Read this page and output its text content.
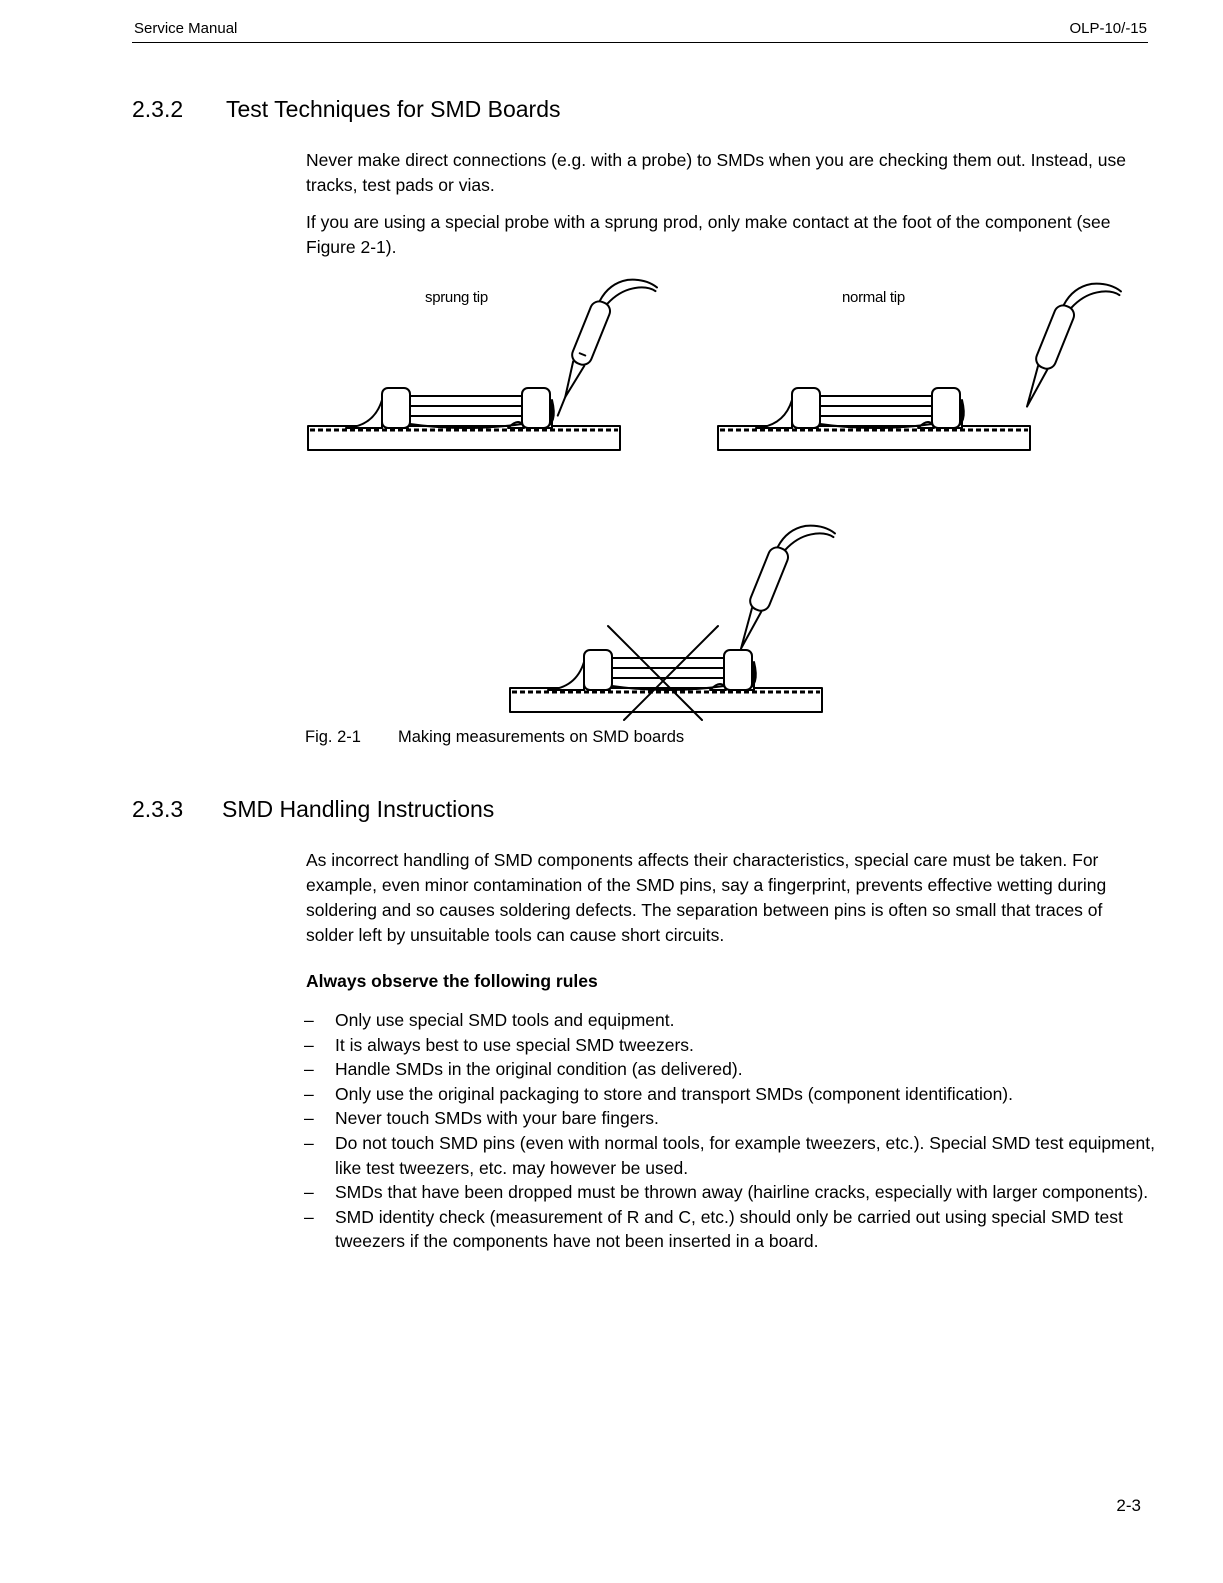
Service Manual	OLP-10/-15
2.3.2 Test Techniques for SMD Boards

Never make direct connections (e.g. with a probe) to SMDs when you are checking them out. Instead, use tracks, test pads or vias.

If you are using a special probe with a sprung prod, only make contact at the foot of the component (see Figure 2-1).

sprung tip	normal tip
Fig. 2-1 Making measurements on SMD boards
2.3.3 SMD Handling Instructions

As incorrect handling of SMD components affects their characteristics, special care must be taken. For example, even minor contamination of the SMD pins, say a fingerprint, prevents effective wetting during soldering and so causes soldering defects. The separation between pins is often so small that traces of solder left by unsuitable tools can cause short circuits.

Always observe the following rules
– Only use special SMD tools and equipment.
– It is always best to use special SMD tweezers.
– Handle SMDs in the original condition (as delivered).
– Only use the original packaging to store and transport SMDs (component identification).
– Never touch SMDs with your bare fingers.
– Do not touch SMD pins (even with normal tools, for example tweezers, etc.). Special SMD test equipment, like test tweezers, etc. may however be used.
– SMDs that have been dropped must be thrown away (hairline cracks, especially with larger components).
– SMD identity check (measurement of R and C, etc.) should only be carried out using special SMD test tweezers if the components have not been inserted in a board.
2-3
